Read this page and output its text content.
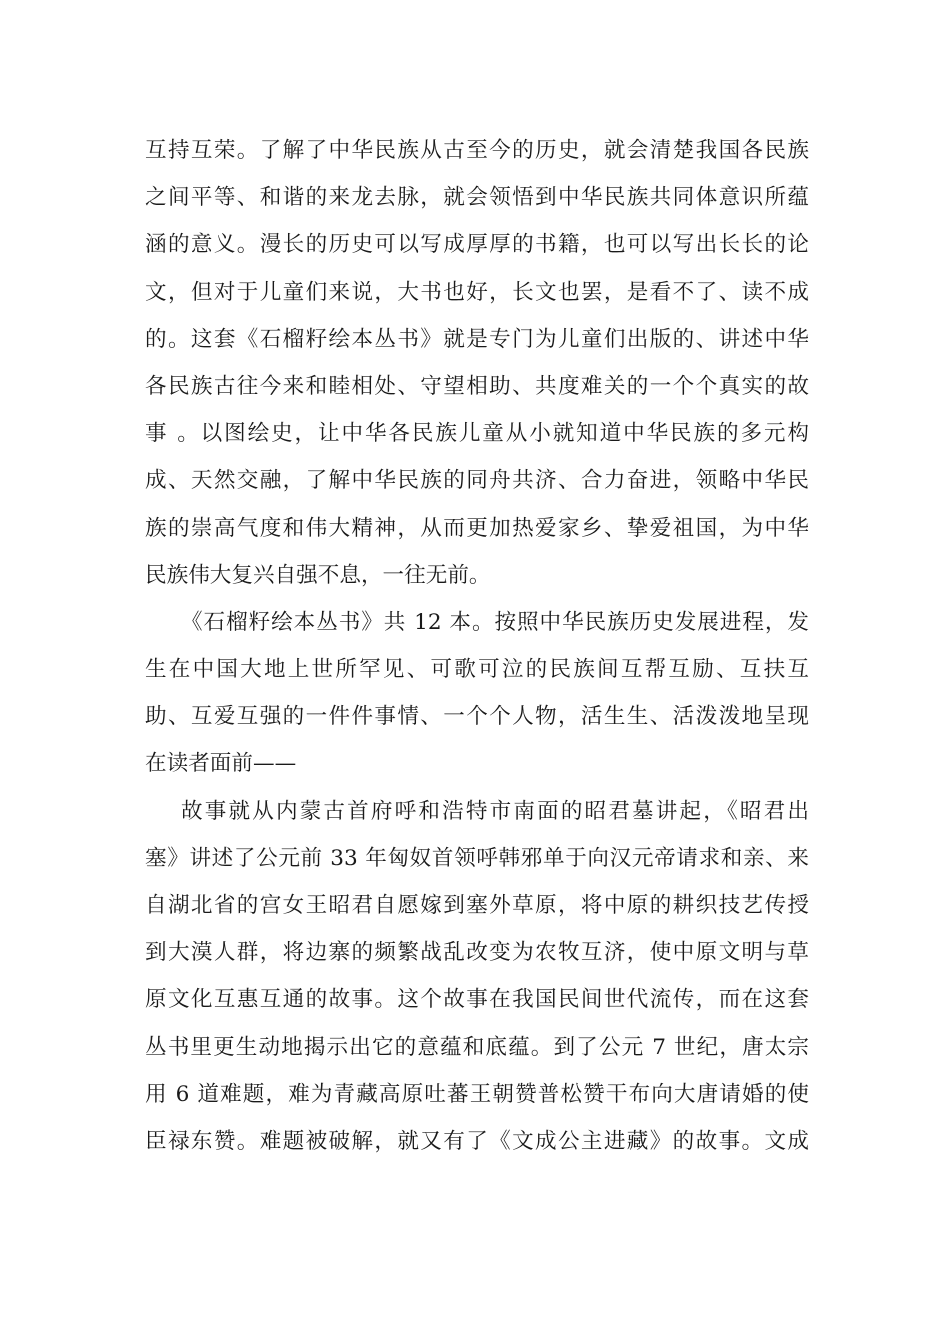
互持互荣。了解了中华民族从古至今的历史，就会清楚我国各民族
之间平等、和谐的来龙去脉，就会领悟到中华民族共同体意识所蕴
涵的意义。漫长的历史可以写成厚厚的书籍，也可以写出长长的论
文，但对于儿童们来说，大书也好，长文也罢，是看不了、读不成
的。这套《石榴籽绘本丛书》就是专门为儿童们出版的、讲述中华
各民族古往今来和睦相处、守望相助、共度难关的一个个真实的故
事 。以图绘史，让中华各民族儿童从小就知道中华民族的多元构
成、天然交融，了解中华民族的同舟共济、合力奋进，领略中华民
族的崇高气度和伟大精神，从而更加热爱家乡、挚爱祖国，为中华
民族伟大复兴自强不息，一往无前。
《石榴籽绘本丛书》共 12 本。按照中华民族历史发展进程，发
生在中国大地上世所罕见、可歌可泣的民族间互帮互励、互扶互
助、互爱互强的一件件事情、一个个人物，活生生、活泼泼地呈现
在读者面前——
故事就从内蒙古首府呼和浩特市南面的昭君墓讲起，《昭君出
塞》讲述了公元前 33 年匈奴首领呼韩邪单于向汉元帝请求和亲、来
自湖北省的宫女王昭君自愿嫁到塞外草原，将中原的耕织技艺传授
到大漠人群，将边寨的频繁战乱改变为农牧互济，使中原文明与草
原文化互惠互通的故事。这个故事在我国民间世代流传，而在这套
丛书里更生动地揭示出它的意蕴和底蕴。到了公元 7 世纪，唐太宗
用 6 道难题，难为青藏高原吐蕃王朝赞普松赞干布向大唐请婚的使
臣禄东赞。难题被破解，就又有了《文成公主进藏》的故事。文成
